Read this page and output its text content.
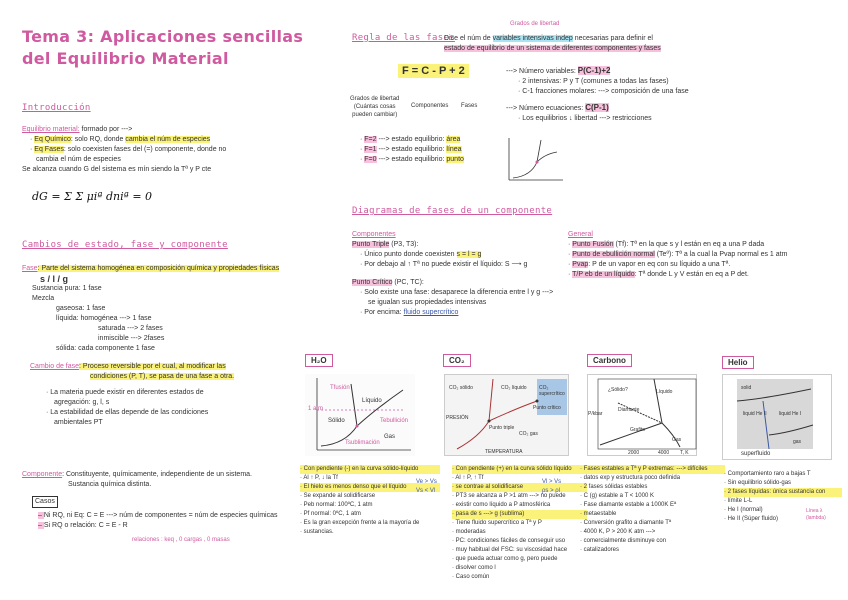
Tema 3: Aplicaciones sencillas
del Equilibrio Material
Introducción
Equilibrio material: formado por --->
· Eq Químico: solo RQ, donde cambia el núm de especies
· Eq Fases: solo coexisten fases del (=) componente, donde no
cambia el núm de especies
Se alcanza cuando G del sistema es mín siendo la Tª y P cte
dG = Σ Σ μiª dniª = 0
Cambios de estado, fase y componente
Fase: Parte del sistema homogénea en composición química y propiedades físicas
s / l / g
Sustancia pura: 1 fase
Mezcla
gaseosa: 1 fase
líquida: homogénea ---> 1 fase
saturada ---> 2 fases
inmiscible ---> 2fases
sólida: cada componente 1 fase
Cambio de fase: Proceso reversible por el cual, al modificar las
condiciones (P, T), se pasa de una fase a otra.
· La materia puede existir en diferentes estados de
agregación: g, l, s
· La estabilidad de ellas depende de las condiciones
ambientales PT
Componente: Constituyente, químicamente, independiente de un sistema.
Sustancia química distinta.
Casos
– Ni RQ, ni Eq: C = E ---> núm de componentes = núm de especies químicas
– Si RQ o relación: C = E - R
relaciones : keq , 0 cargas , 0 masas
Regla de las fases
Grados de libertad
Dice el núm de variables intensivas indep necesarias para definir el
estado de equilibrio de un sistema de diferentes componentes y fases
F = C - P + 2
Grados de libertad
(Cuántas cosas
pueden cambiar)
Componentes Fases
---> Número variables: P(C-1)+2
· 2 intensivas: P y T (comunes a todas las fases)
· C-1 fracciones molares: ---> composición de una fase
---> Número ecuaciones: C(P-1)
· Los equilibrios ↓ libertad ---> restricciones
· F=2 ---> estado equilibrio: área
· F=1 ---> estado equilibrio: línea
· F=0 ---> estado equilibrio: punto
Diagramas de fases de un componente
Componentes
Punto Triple (P3, T3):
· Único punto donde coexisten s = l = g
· Por debajo al ↑ Tª no puede existir el líquido: S ⟶ g
Punto Crítico (PC, TC):
· Solo existe una fase: desaparece la diferencia entre l y g --->
se igualan sus propiedades intensivas
· Por encima: fluido supercrítico
General
· Punto Fusión (Tf): Tª en la que s y l están en eq a una P dada
· Punto de ebullición normal (Teº): Tª a la cual la Pvap normal es 1 atm
· Pvap: P de un vapor en eq con su líquido a una Tª.
· T/P eb de un líquido: Tª donde L y V están en eq a P det.
H₂O	CO₂	Carbono	Helio
Tfusión
1 atm
Tebullición
Tsublimación
Sólido
Líquido
Gas
CO₂ sólido	CO₂ líquido CO₂ supercrítico
CO₂ gas
Punto crítico
Punto triple
TEMPERATURA
PRESIÓN
¿Sólido?	Líquido
Diamante
Grafito
Gas
2000	4000 T, K
P/kbar
solid
liquid He II liquid He I
gas
superfluido
· Con pendiente (-) en la curva sólido-líquido
· Al ↑ P, ↓ la Tf
· El hielo es menos denso que el líquido
· Se expande al solidificarse
· Peb normal: 100ºC, 1 atm
· Pf normal: 0ºC, 1 atm
· Es la gran excepción frente a la mayoría de
· sustancias.
Ve > Vs
Vs < Vl
· Con pendiente (+) en la curva sólido líquido
· Al ↑ P, ↑ Tf
· se contrae al solidificarse
· PT3 se alcanza a P >1 atm ---> no puede
· existir como líquido a P atmosférica
· pasa de s ---> g (sublima)
· Tiene fluido supercrítico a Tª y P
· moderadas
· PC: condiciones fáciles de conseguir uso
· muy habitual del FSC: su viscosidad hace
· que pueda actuar como g, pero puede
· disolver como l
· Caso común
Vl > Vs
ρs > ρl
· Fases estables a Tª y P extremas: ---> difíciles
· datos exp y estructura poco definida
· 2 fases sólidas estables
· C (g) estable a T < 1000 K
· Fase diamante estable a 1000K Eª
· metaestable
· Conversión grafito a diamante Tª
· 4000 K, P > 200 K atm --->
· comercialmente disminuye con
· catalizadores
· Comportamiento raro a bajas T
· Sin equilibrio sólido-gas
· 2 fases líquidas: única sustancia con
· límite L-L
· He I (normal)
· He II (Súper fluido)
Línea λ (lambda)
